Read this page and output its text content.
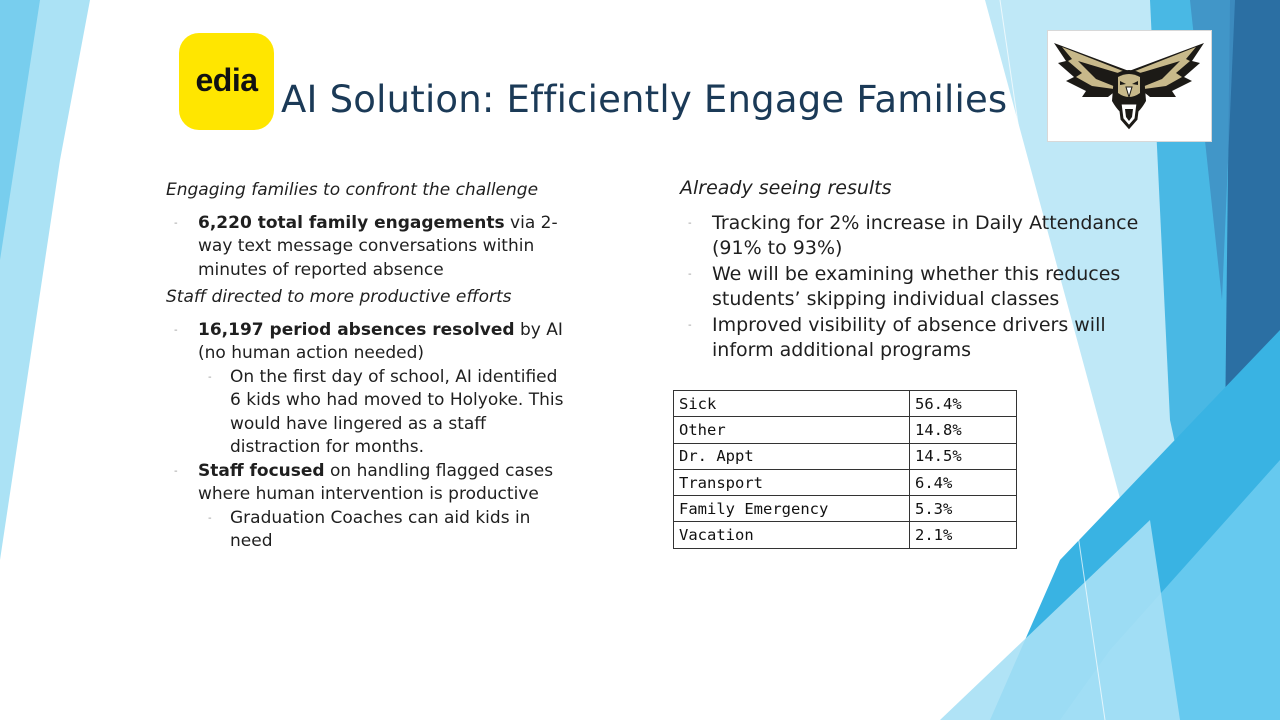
edia AI Solution: Efficiently Engage Families

Engaging families to confront the challenge

- 6,220 total family engagements via 2-way text message conversations within minutes of reported absence

Staff directed to more productive efforts

- 16,197 period absences resolved by AI (no human action needed)

- On the first day of school, AI identified 6 kids who had moved to Holyoke. This would have lingered as a staff distraction for months.

- Staff focused on handling flagged cases where human intervention is productive

- Graduation Coaches can aid kids in need

Already seeing results

- Tracking for 2% increase in Daily Attendance (91% to 93%)

- We will be examining whether this reduces students’ skipping individual classes

- Improved visibility of absence drivers will inform additional programs

Sick	56.4%
Other	14.8%
Dr. Appt	14.5%
Transport	6.4%
Family Emergency	5.3%
Vacation	2.1%
